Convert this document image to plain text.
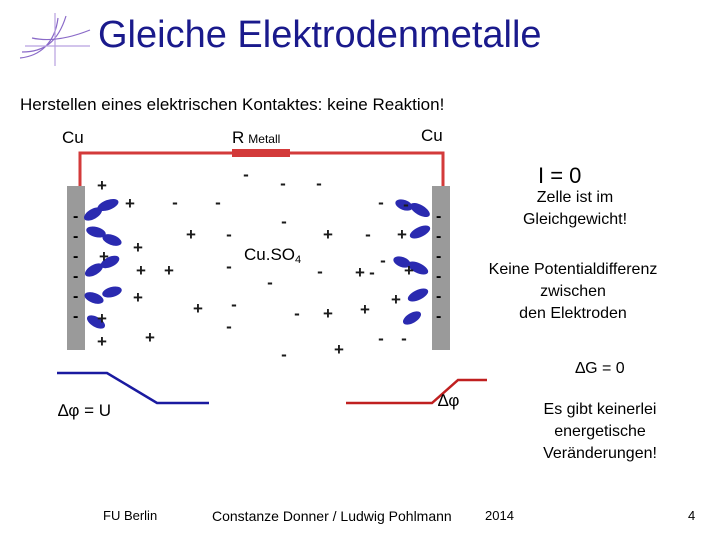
Gleiche Elektrodenmetalle
Herstellen eines elektrischen Kontaktes: keine Reaktion!
Cu	Cu
R Metall
-
-
-
-
-
-
-
-
-
-
-
-
+
+
+ +
+ +
+
+
+ +
+
+
+	+
+ +
+
+ +
+
-	-	-
-	-
-
-	-
-	-
-
-
-	-
-
-
-
-
-
-	-
$Cu.SO_4$
I = 0
Zelle ist im
Gleichgewicht!
Keine Potentialdifferenz
zwischen
den Elektroden
∆G = 0
Es gibt keinerlei
energetische
Veränderungen!
∆φ = U
∆φ
FU Berlin	Constanze Donner / Ludwig Pohlmann	2014	4
